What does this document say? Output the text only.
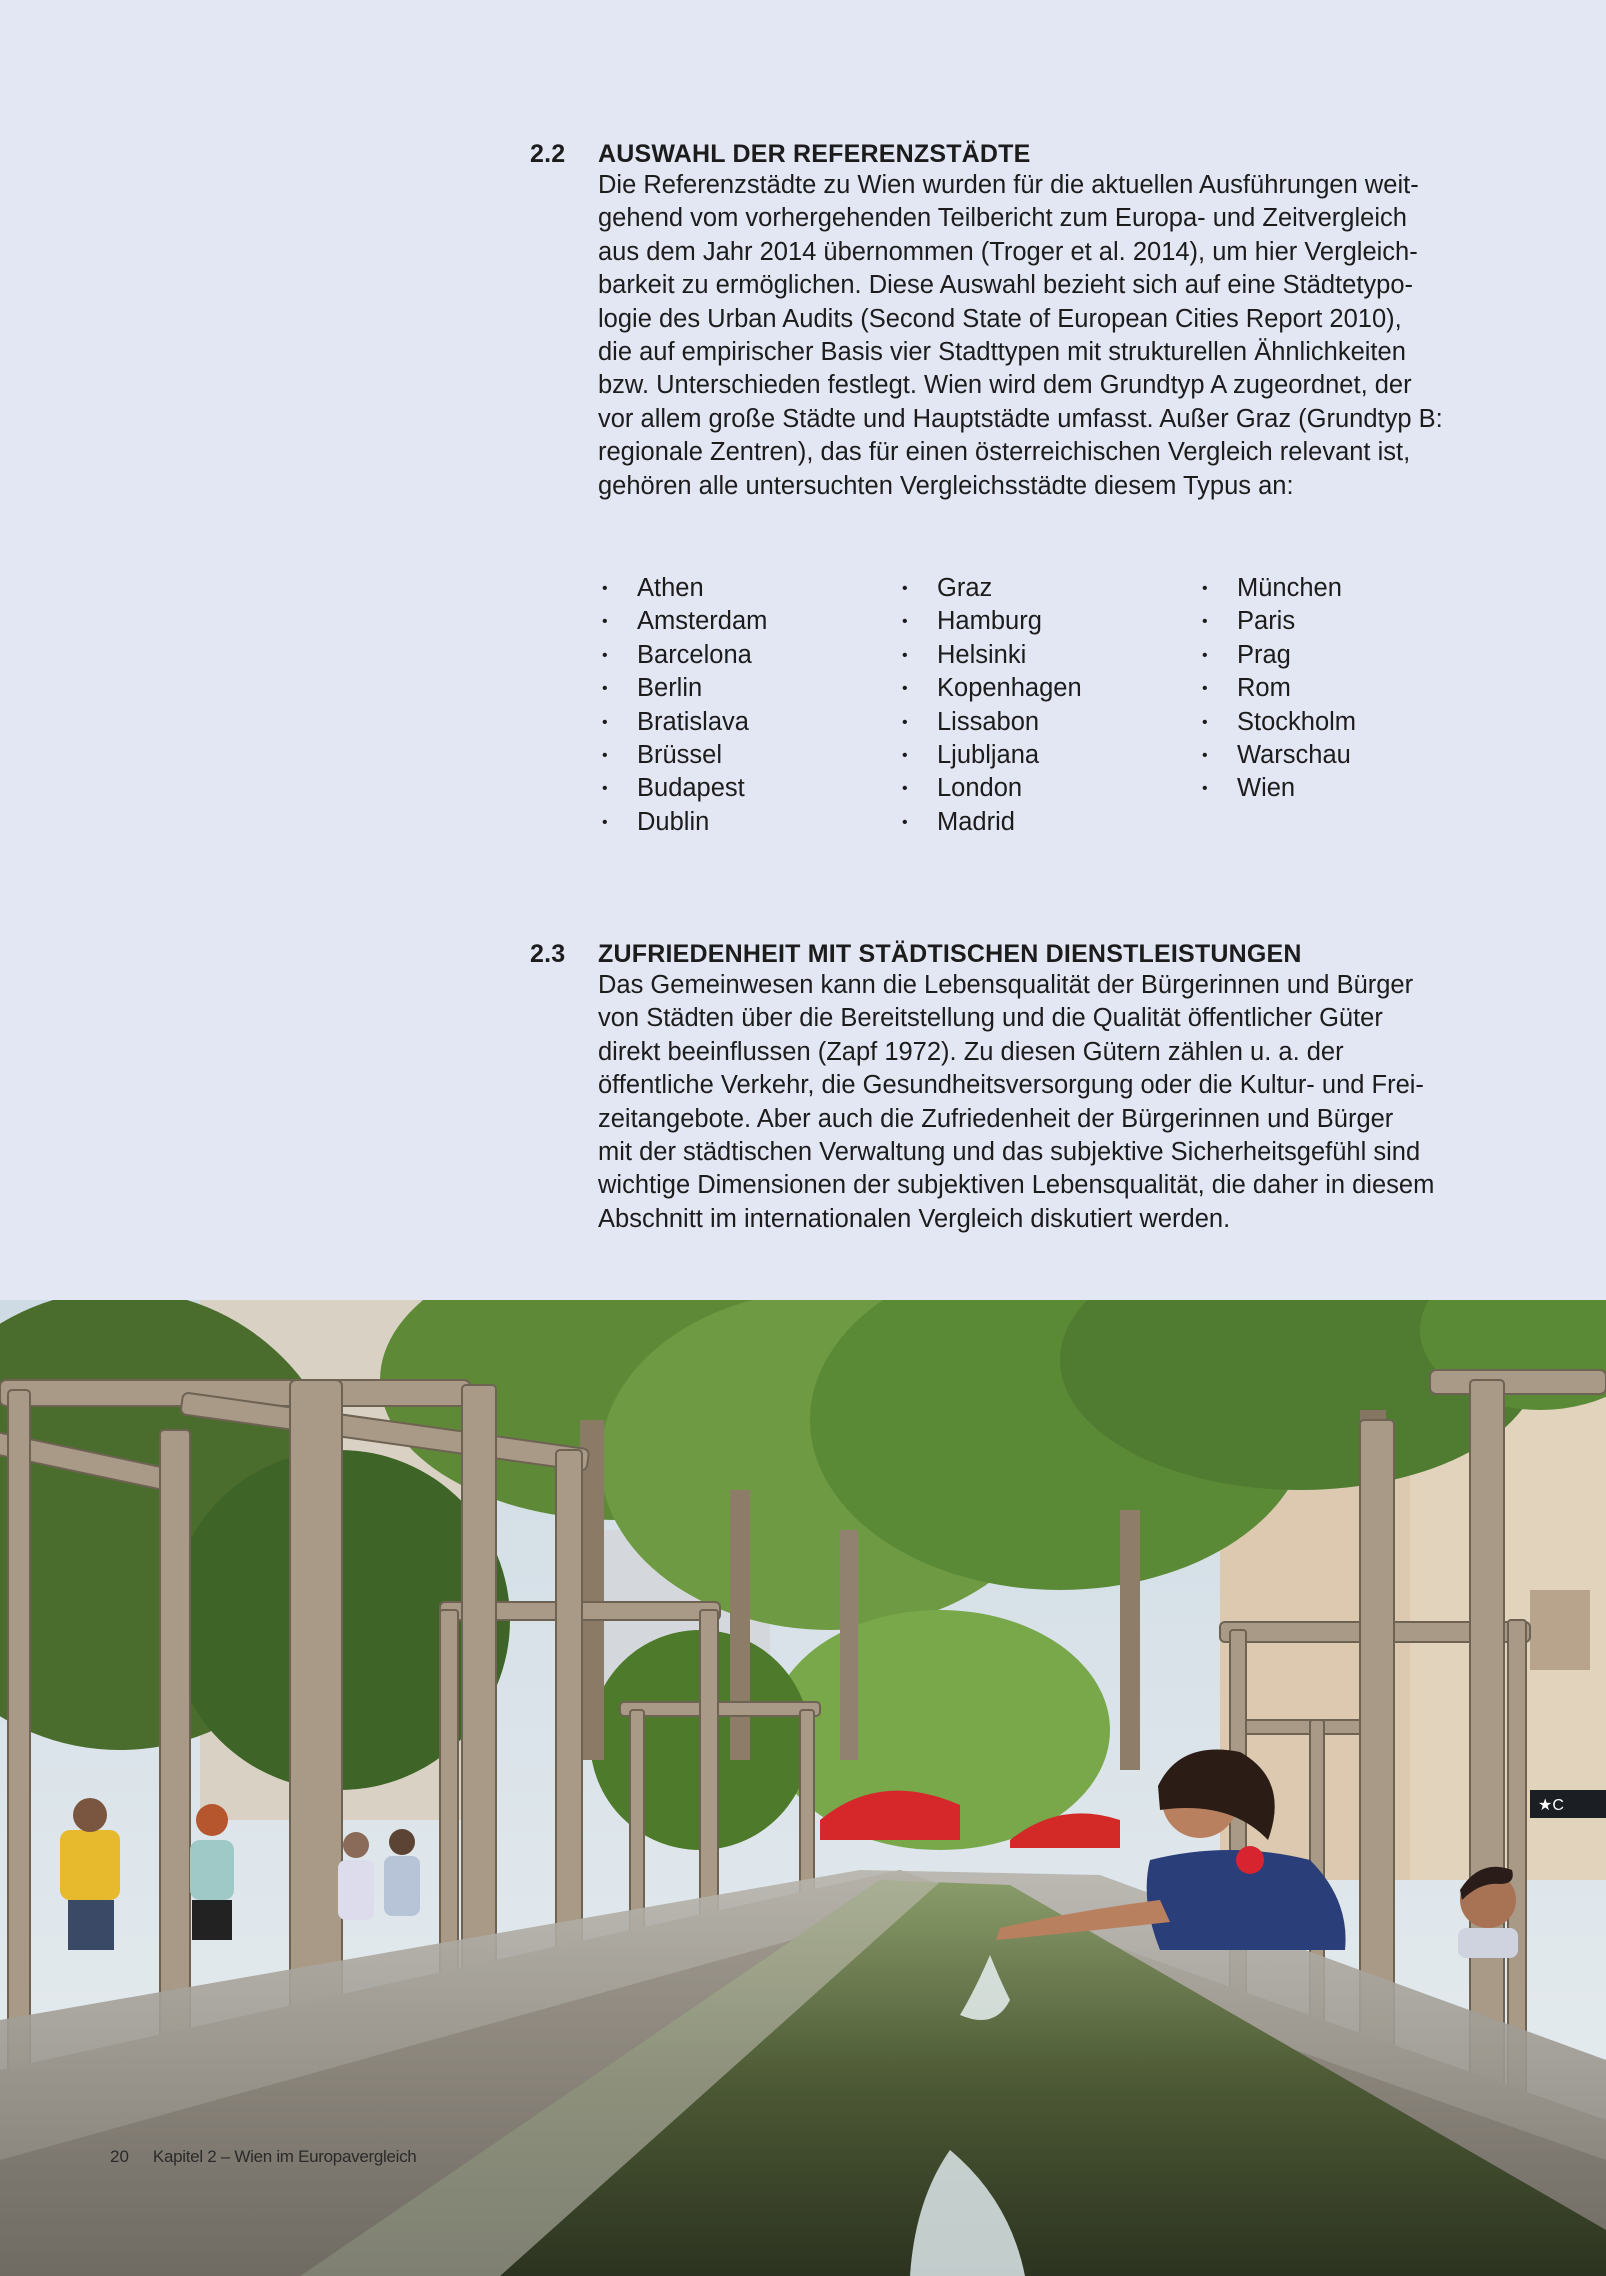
2.2	AUSWAHL DER REFERENZSTÄDTE

Die Referenzstädte zu Wien wurden für die aktuellen Ausführungen weit-
gehend vom vorhergehenden Teilbericht zum Europa- und Zeitvergleich
aus dem Jahr 2014 übernommen (Troger et al. 2014), um hier Vergleich-
barkeit zu ermöglichen. Diese Auswahl bezieht sich auf eine Städtetypo-
logie des Urban Audits (Second State of European Cities Report 2010),
die auf empirischer Basis vier Stadttypen mit strukturellen Ähnlichkeiten
bzw. Unterschieden festlegt. Wien wird dem Grundtyp A zugeordnet, der
vor allem große Städte und Hauptstädte umfasst. Außer Graz (Grundtyp B:
regionale Zentren), das für einen österreichischen Vergleich relevant ist,
gehören alle untersuchten Vergleichsstädte diesem Typus an:

• Athen
• Amsterdam
• Barcelona
• Berlin
• Bratislava
• Brüssel
• Budapest
• Dublin
• Graz
• Hamburg
• Helsinki
• Kopenhagen
• Lissabon
• Ljubljana
• London
• Madrid
• München
• Paris
• Prag
• Rom
• Stockholm
• Warschau
• Wien
2.3	ZUFRIEDENHEIT MIT STÄDTISCHEN DIENSTLEISTUNGEN

Das Gemeinwesen kann die Lebensqualität der Bürgerinnen und Bürger
von Städten über die Bereitstellung und die Qualität öffentlicher Güter
direkt beeinflussen (Zapf 1972). Zu diesen Gütern zählen u. a. der
öffentliche Verkehr, die Gesundheitsversorgung oder die Kultur- und Frei-
zeitangebote. Aber auch die Zufriedenheit der Bürgerinnen und Bürger
mit der städtischen Verwaltung und das subjektive Sicherheitsgefühl sind
wichtige Dimensionen der subjektiven Lebensqualität, die daher in diesem
Abschnitt im internationalen Vergleich diskutiert werden.

★C
20 Kapitel 2 – Wien im Europavergleich
